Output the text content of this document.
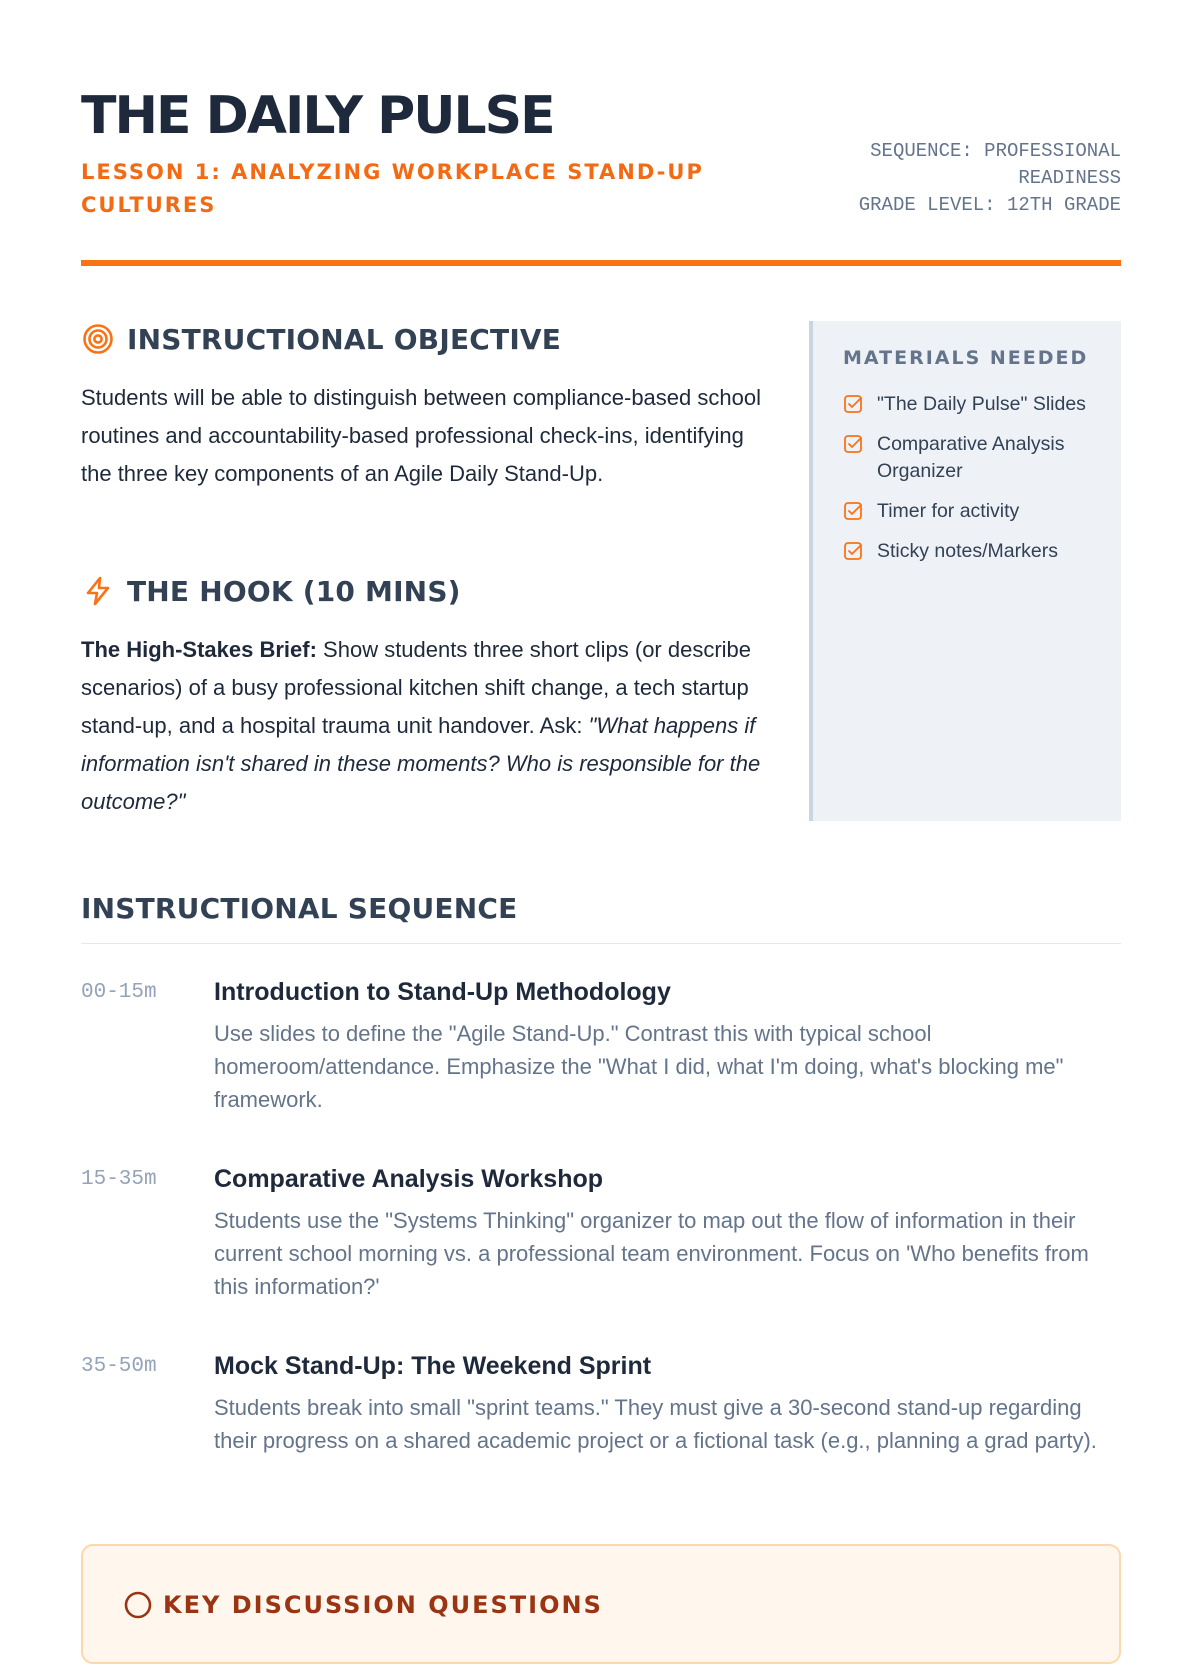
THE DAILY PULSE
LESSON 1: ANALYZING WORKPLACE STAND-UP CULTURES
SEQUENCE: PROFESSIONAL READINESS
GRADE LEVEL: 12TH GRADE
INSTRUCTIONAL OBJECTIVE
Students will be able to distinguish between compliance-based school routines and accountability-based professional check-ins, identifying the three key components of an Agile Daily Stand-Up.
THE HOOK (10 MINS)
The High-Stakes Brief: Show students three short clips (or describe scenarios) of a busy professional kitchen shift change, a tech startup stand-up, and a hospital trauma unit handover. Ask: "What happens if information isn't shared in these moments? Who is responsible for the outcome?"
MATERIALS NEEDED
"The Daily Pulse" Slides
Comparative Analysis Organizer
Timer for activity
Sticky notes/Markers
INSTRUCTIONAL SEQUENCE
00-15m Introduction to Stand-Up Methodology
Use slides to define the "Agile Stand-Up." Contrast this with typical school homeroom/attendance. Emphasize the "What I did, what I'm doing, what's blocking me" framework.
15-35m Comparative Analysis Workshop
Students use the "Systems Thinking" organizer to map out the flow of information in their current school morning vs. a professional team environment. Focus on 'Who benefits from this information?'
35-50m Mock Stand-Up: The Weekend Sprint
Students break into small "sprint teams." They must give a 30-second stand-up regarding their progress on a shared academic project or a fictional task (e.g., planning a grad party).
KEY DISCUSSION QUESTIONS
